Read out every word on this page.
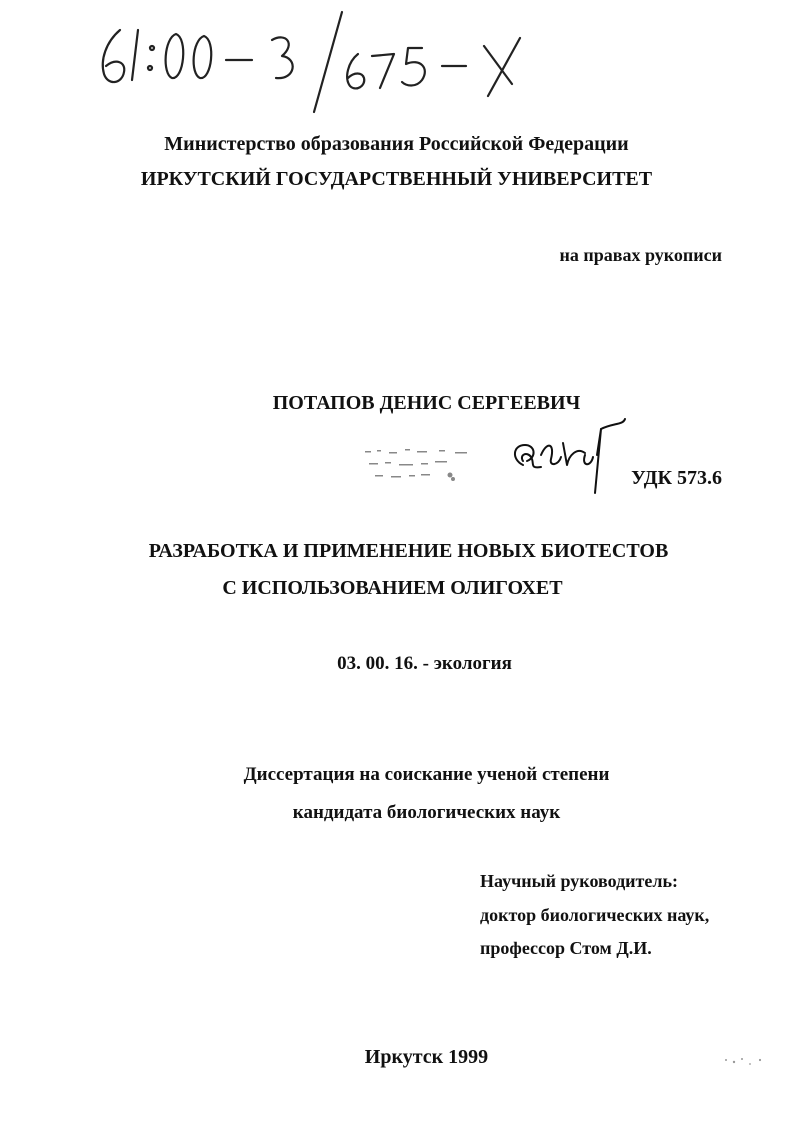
Министерство образования Российской Федерации
ИРКУТСКИЙ ГОСУДАРСТВЕННЫЙ УНИВЕРСИТЕТ
на правах рукописи
ПОТАПОВ ДЕНИС СЕРГЕЕВИЧ
УДК 573.6
РАЗРАБОТКА И ПРИМЕНЕНИЕ НОВЫХ БИОТЕСТОВ
С ИСПОЛЬЗОВАНИЕМ ОЛИГОХЕТ
03. 00. 16. - экология
Диссертация на соискание ученой степени
кандидата биологических наук
Научный руководитель:
доктор биологических наук,
профессор Стом Д.И.
Иркутск 1999
